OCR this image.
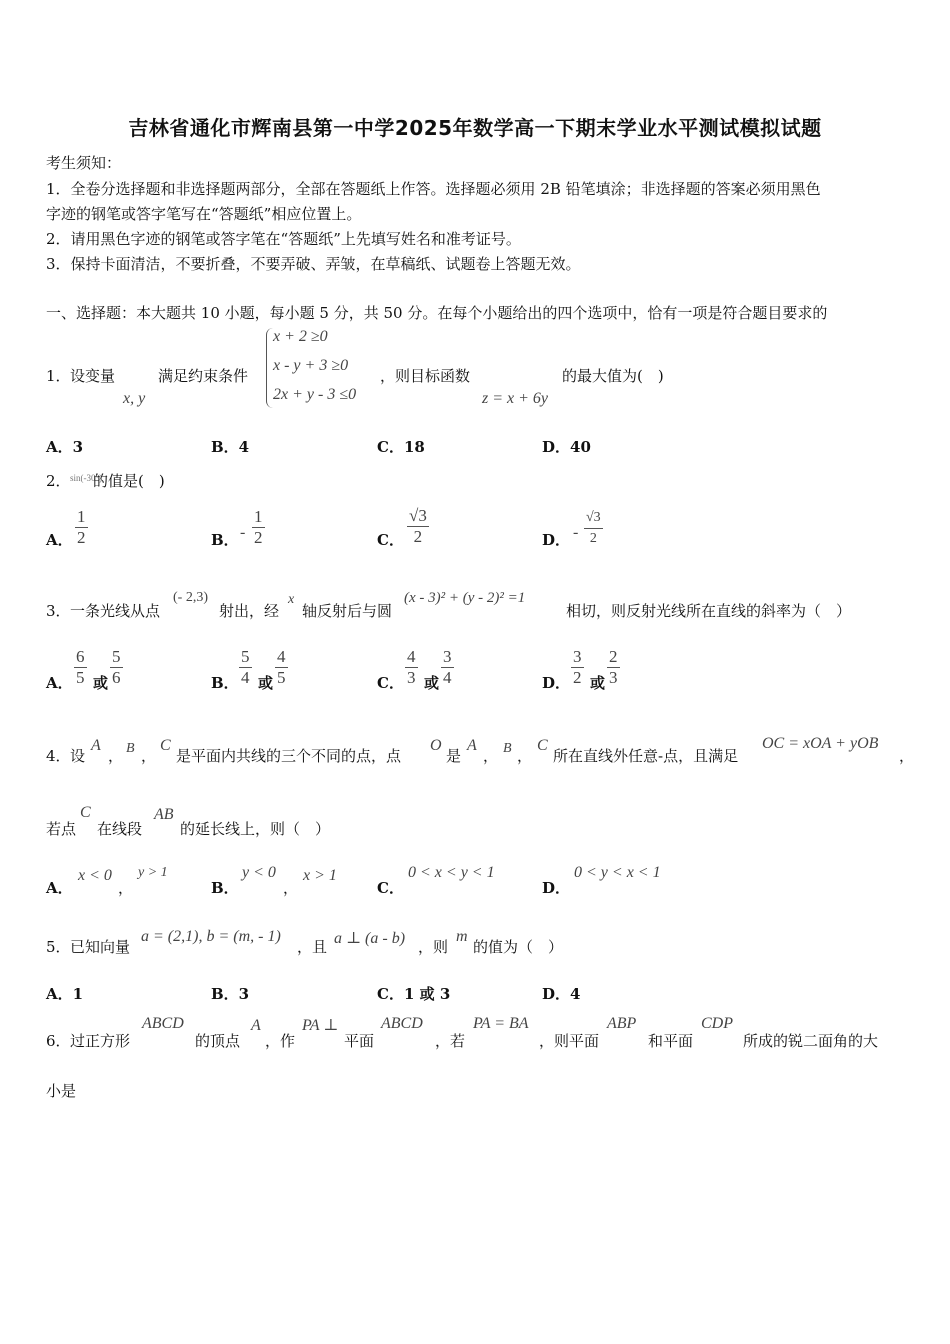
吉林省通化市辉南县第一中学2025年数学高一下期末学业水平测试模拟试题
考生须知：
1．全卷分选择题和非选择题两部分，全部在答题纸上作答。选择题必须用 2B 铅笔填涂；非选择题的答案必须用黑色
字迹的钢笔或答字笔写在“答题纸”相应位置上。
2．请用黑色字迹的钢笔或答字笔在“答题纸”上先填写姓名和准考证号。
3．保持卡面清洁，不要折叠，不要弄破、弄皱，在草稿纸、试题卷上答题无效。
一、选择题：本大题共 10 小题，每小题 5 分，共 50 分。在每个小题给出的四个选项中，恰有一项是符合题目要求的
1． 设变量
x, y
满足约束条件
x + 2 ≥0
x - y + 3 ≥0
2x + y - 3 ≤0
，则目标函数
z = x + 6y
的最大值为(　)
A．3	B．4	C．18	D．40
2． sin(-30°)
的值是(　)
A．
1
2	B． -
1
2	C．
√3
2	D． -
√3
2
3． 一条光线从点
(- 2,3)
射出，经
x
轴反射后与圆
(x - 3)² + (y - 2)² =1
相切，则反射光线所在直线的斜率为（　）
A．
6
5 或
5
6	B．
5
4 或
4
5	C．
4
3 或
3
4	D．
3
2 或
2
3
4． 设
A
， B ，
C
是平面内共线的三个不同的点，点
O
是
A
， B ，
C
所在直线外任意-点，且满足
OC = xOA + yOB
，
若点
C
在线段
AB
的延长线上，则（　）
A．
x < 0
，
y > 1
B．
y < 0
，
x > 1
C．
0 < x < y < 1
D．
0 < y < x < 1
5． 已知向量
a = (2,1), b = (m, - 1)
，且 a ⊥ (a - b) ，则
m
的值为（　）
A．1	B．3	C．1 或 3	D．4
6． 过正方形
ABCD
的顶点
A
，作
PA ⊥
平面
ABCD
，若
PA = BA
，则平面
ABP
和平面
CDP
所成的锐二面角的大
小是
